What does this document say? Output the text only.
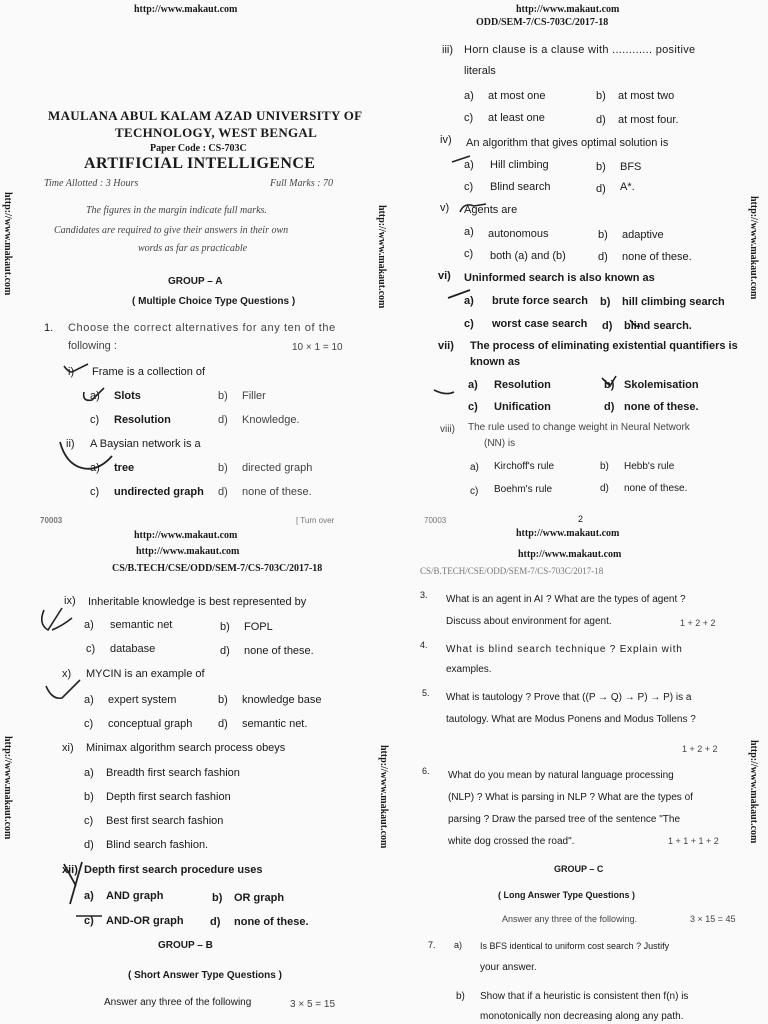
http://www.makaut.com	http://www.makaut.com	http://www.makaut.com
http://www.makaut.com	http://www.makaut.com	http://www.makaut.com
http://www.makaut.com
MAULANA ABUL KALAM AZAD UNIVERSITY OF
TECHNOLOGY, WEST BENGAL
Paper Code : CS-703C
ARTIFICIAL INTELLIGENCE
Time Allotted : 3 Hours	Full Marks : 70
The figures in the margin indicate full marks.
Candidates are required to give their answers in their own
words as far as practicable
GROUP – A
( Multiple Choice Type Questions )
1. Choose the correct alternatives for any ten of the
following :	10 × 1 = 10
i) Frame is a collection of
a) Slots	b) Filler
c) Resolution	d) Knowledge.
ii) A Baysian network is a
a) tree	b) directed graph
c) undirected graph d) none of these.
70003	[ Turn over
http://www.makaut.com
ODD/SEM-7/CS-703C/2017-18
iii) Horn clause is a clause with ............ positive
literals
a) at most one	b) at most two
c) at least one	d) at most four.
iv) An algorithm that gives optimal solution is
a) Hill climbing	b) BFS
c) Blind search	d) A*.
v) Agents are
a) autonomous	b) adaptive
c) both (a) and (b)	d) none of these.
vi) Uninformed search is also known as
a) brute force search b) hill climbing search
c) worst case search d) blind search.
vii) The process of eliminating existential quantifiers is
known as
a) Resolution	b) Skolemisation
c) Unification	d) none of these.
viii) The rule used to change weight in Neural Network
(NN) is
a) Kirchoff's rule	b) Hebb's rule
c) Boehm's rule	d) none of these.
70003	2
http://www.makaut.com
http://www.makaut.com
CS/B.TECH/CSE/ODD/SEM-7/CS-703C/2017-18
ix) Inheritable knowledge is best represented by
a) semantic net	b) FOPL
c) database	d) none of these.
x) MYCIN is an example of
a) expert system	b) knowledge base
c) conceptual graph d) semantic net.
xi) Minimax algorithm search process obeys
a) Breadth first search fashion
b) Depth first search fashion
c) Best first search fashion
d) Blind search fashion.
xii) Depth first search procedure uses
a) AND graph	b) OR graph
c) AND-OR graph d) none of these.
GROUP – B
( Short Answer Type Questions )
Answer any three of the following	3 × 5 = 15
http://www.makaut.com
http://www.makaut.com
CS/B.TECH/CSE/ODD/SEM-7/CS-703C/2017-18
3. What is an agent in AI ? What are the types of agent ?
Discuss about environment for agent.	1 + 2 + 2
4. What is blind search technique ? Explain with
examples.
5. What is tautology ? Prove that ((P → Q) → P) → P) is a
tautology. What are Modus Ponens and Modus Tollens ?
1 + 2 + 2
6. What do you mean by natural language processing
(NLP) ? What is parsing in NLP ? What are the types of
parsing ? Draw the parsed tree of the sentence "The
white dog crossed the road".	1 + 1 + 1 + 2
GROUP – C
( Long Answer Type Questions )
Answer any three of the following.	3 × 15 = 45
7. a) Is BFS identical to uniform cost search ? Justify
your answer.
b) Show that if a heuristic is consistent then f(n) is
monotonically non decreasing along any path.
